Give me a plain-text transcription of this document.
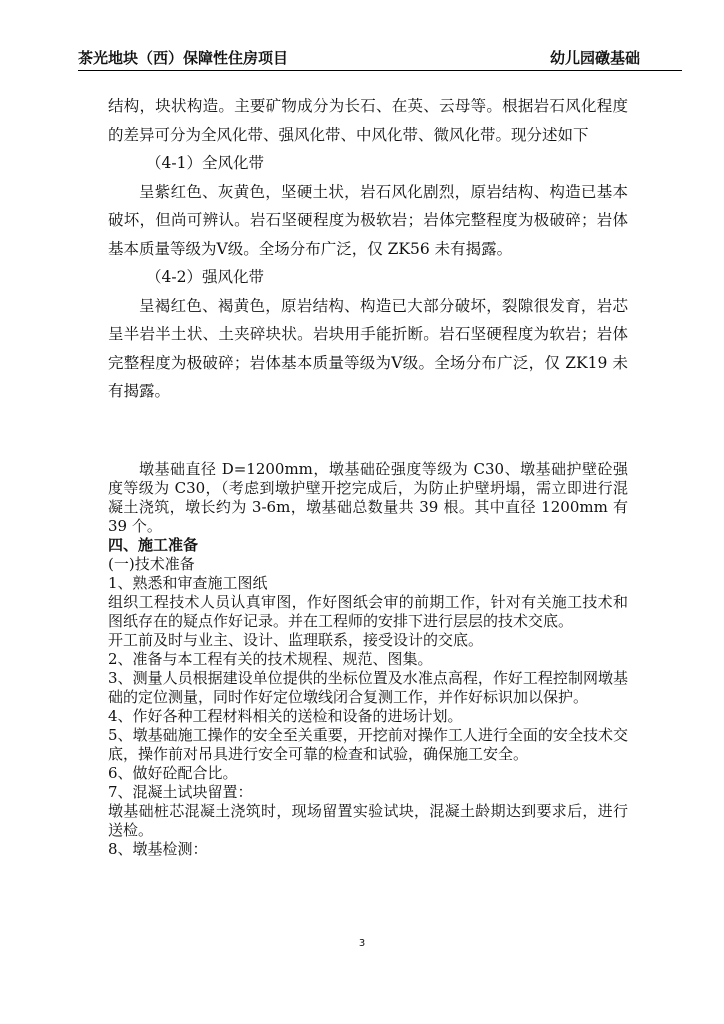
茶光地块（西）保障性住房项目	幼儿园礅基础

结构，块状构造。主要矿物成分为长石、在英、云母等。根据岩石风化程度的差异可分为全风化带、强风化带、中风化带、微风化带。现分述如下

（4-1）全风化带

呈紫红色、灰黄色，坚硬土状，岩石风化剧烈，原岩结构、构造已基本破坏，但尚可辨认。岩石坚硬程度为极软岩；岩体完整程度为极破碎；岩体基本质量等级为Ⅴ级。全场分布广泛，仅 ZK56 未有揭露。

（4-2）强风化带

呈褐红色、褐黄色，原岩结构、构造已大部分破坏，裂隙很发育，岩芯呈半岩半土状、土夹碎块状。岩块用手能折断。岩石坚硬程度为软岩；岩体完整程度为极破碎；岩体基本质量等级为Ⅴ级。全场分布广泛，仅 ZK19 未有揭露。

墩基础直径 D=1200mm，墩基础砼强度等级为 C30、墩基础护壁砼强度等级为 C30，（考虑到墩护壁开挖完成后，为防止护壁坍塌，需立即进行混凝土浇筑，墩长约为 3-6m，墩基础总数量共 39 根。其中直径 1200mm 有 39 个。

四、施工准备

(一)技术准备

1、熟悉和审查施工图纸

组织工程技术人员认真审图，作好图纸会审的前期工作，针对有关施工技术和图纸存在的疑点作好记录。并在工程师的安排下进行层层的技术交底。

开工前及时与业主、设计、监理联系，接受设计的交底。

2、准备与本工程有关的技术规程、规范、图集。

3、测量人员根据建设单位提供的坐标位置及水准点高程，作好工程控制网墩基础的定位测量，同时作好定位墩线闭合复测工作，并作好标识加以保护。

4、作好各种工程材料相关的送检和设备的进场计划。

5、墩基础施工操作的安全至关重要，开挖前对操作工人进行全面的安全技术交底，操作前对吊具进行安全可靠的检查和试验，确保施工安全。

6、做好砼配合比。

7、混凝土试块留置：

墩基础桩芯混凝土浇筑时，现场留置实验试块，混凝土龄期达到要求后，进行送检。

8、墩基检测：

3
